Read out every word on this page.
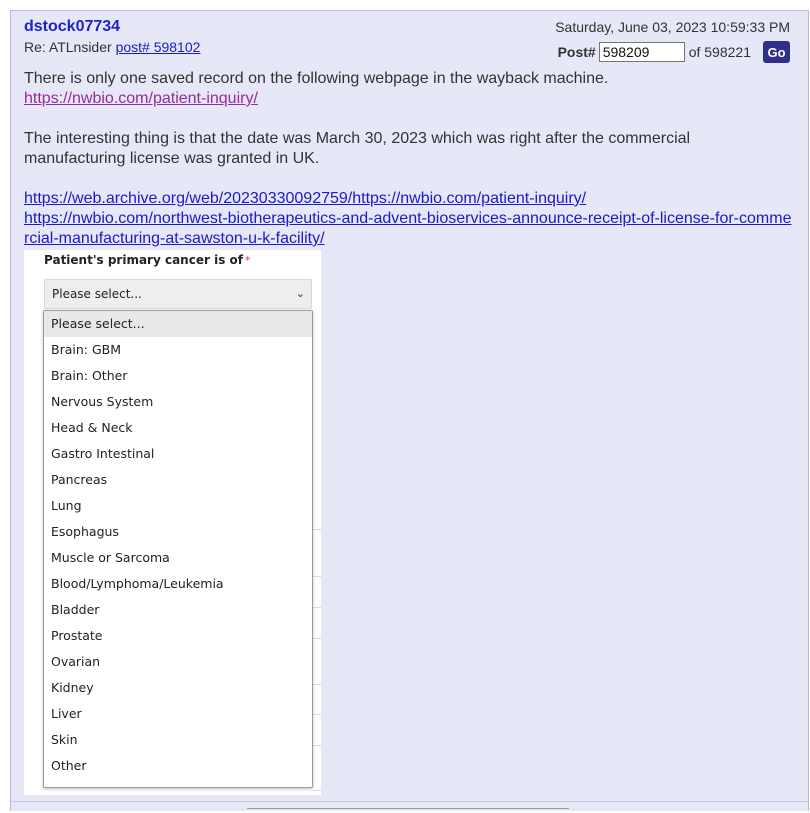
dstock07734
Re: ATLnsider post# 598102
Saturday, June 03, 2023 10:59:33 PM
Post#
598209	of 598221	Go

There is only one saved record on the following webpage in the wayback machine.

https://nwbio.com/patient-inquiry/

The interesting thing is that the date was March 30, 2023 which was right after the commercial manufacturing license was granted in UK.

https://web.archive.org/web/20230330092759/https://nwbio.com/patient-inquiry/

https://nwbio.com/northwest-biotherapeutics-and-advent-bioservices-announce-receipt-of-license-for-commercial-manufacturing-at-sawston-u-k-facility/

Patient's primary cancer is of *
Please select...	⌄
Please select...
Brain: GBM
Brain: Other
Nervous System
Head & Neck
Gastro Intestinal
Pancreas
Lung
Esophagus
Muscle or Sarcoma
Blood/Lymphoma/Leukemia
Bladder
Prostate
Ovarian
Kidney
Liver
Skin
Other
